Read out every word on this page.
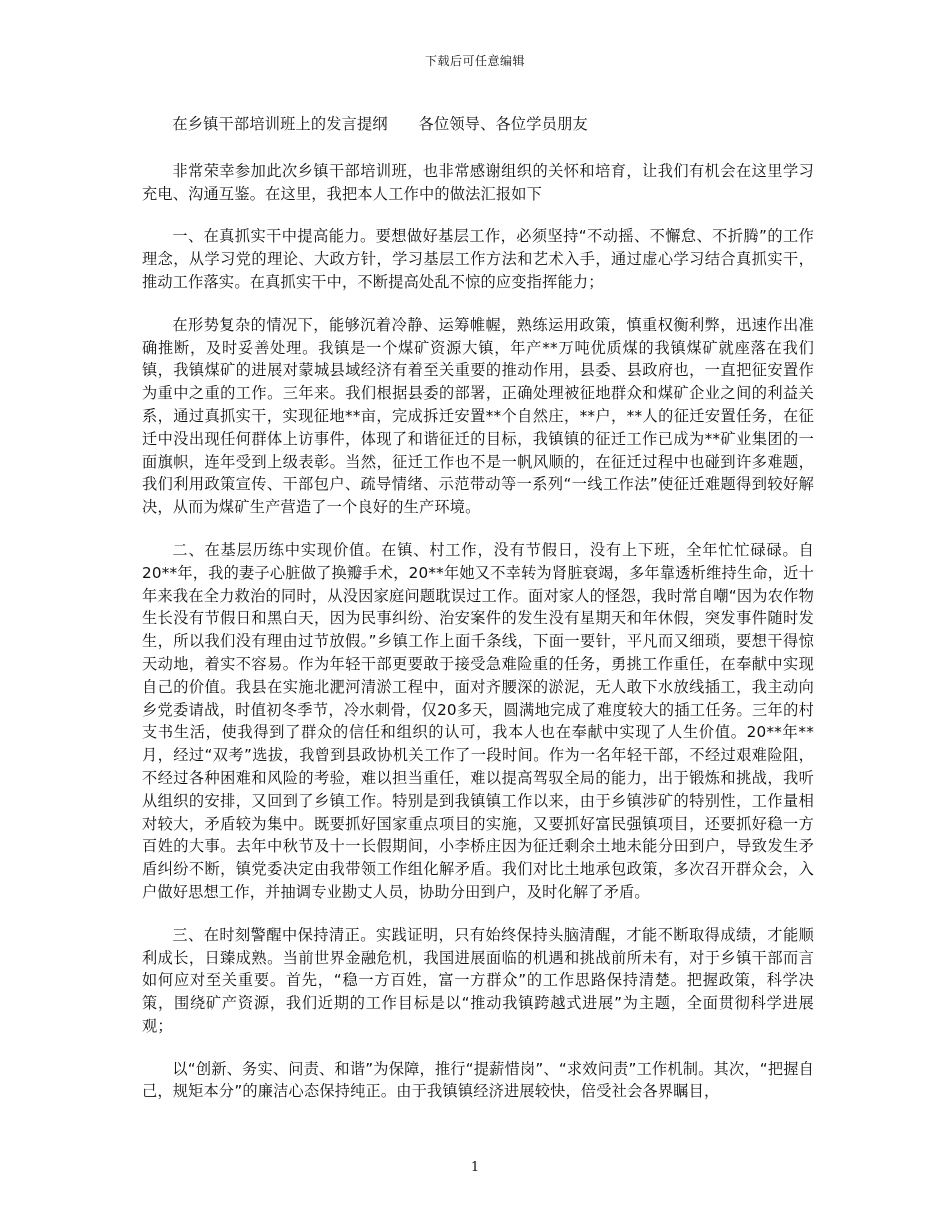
下载后可任意编辑

在乡镇干部培训班上的发言提纲　　各位领导、各位学员朋友

非常荣幸参加此次乡镇干部培训班，也非常感谢组织的关怀和培育，让我们有机会在这里学习充电、沟通互鉴。在这里，我把本人工作中的做法汇报如下

一、在真抓实干中提高能力。要想做好基层工作，必须坚持“不动摇、不懈怠、不折腾”的工作理念，从学习党的理论、大政方针，学习基层工作方法和艺术入手，通过虚心学习结合真抓实干，推动工作落实。在真抓实干中，不断提高处乱不惊的应变指挥能力；

在形势复杂的情况下，能够沉着冷静、运筹帷幄，熟练运用政策，慎重权衡利弊，迅速作出准确推断，及时妥善处理。我镇是一个煤矿资源大镇，年产**万吨优质煤的我镇煤矿就座落在我们镇，我镇煤矿的进展对蒙城县域经济有着至关重要的推动作用，县委、县政府也，一直把征安置作为重中之重的工作。三年来。我们根据县委的部署，正确处理被征地群众和煤矿企业之间的利益关系，通过真抓实干，实现征地**亩，完成拆迁安置**个自然庄，**户，**人的征迁安置任务，在征迁中没出现任何群体上访事件，体现了和谐征迁的目标，我镇镇的征迁工作已成为**矿业集团的一面旗帜，连年受到上级表彰。当然，征迁工作也不是一帆风顺的，在征迁过程中也碰到许多难题，我们利用政策宣传、干部包户、疏导情绪、示范带动等一系列“一线工作法”使征迁难题得到较好解决，从而为煤矿生产营造了一个良好的生产环境。

二、在基层历练中实现价值。在镇、村工作，没有节假日，没有上下班，全年忙忙碌碌。自20**年，我的妻子心脏做了换瓣手术，20**年她又不幸转为肾脏衰竭，多年靠透析维持生命，近十年来我在全力救治的同时，从没因家庭问题耽误过工作。面对家人的怪怨，我时常自嘲“因为农作物生长没有节假日和黑白天，因为民事纠纷、治安案件的发生没有星期天和年休假，突发事件随时发生，所以我们没有理由过节放假。”乡镇工作上面千条线，下面一要针，平凡而又细琐，要想干得惊天动地，着实不容易。作为年轻干部更要敢于接受急难险重的任务，勇挑工作重任，在奉献中实现自己的价值。我县在实施北淝河清淤工程中，面对齐腰深的淤泥，无人敢下水放线插工，我主动向乡党委请战，时值初冬季节，冷水刺骨，仅20多天，圆满地完成了难度较大的插工任务。三年的村支书生活，使我得到了群众的信任和组织的认可，我本人也在奉献中实现了人生价值。20**年**月，经过“双考”选拔，我曾到县政协机关工作了一段时间。作为一名年轻干部，不经过艰难险阻，不经过各种困难和风险的考验，难以担当重任，难以提高驾驭全局的能力，出于锻炼和挑战，我听从组织的安排，又回到了乡镇工作。特别是到我镇镇工作以来，由于乡镇涉矿的特别性，工作量相对较大，矛盾较为集中。既要抓好国家重点项目的实施，又要抓好富民强镇项目，还要抓好稳一方百姓的大事。去年中秋节及十一长假期间，小李桥庄因为征迁剩余土地未能分田到户，导致发生矛盾纠纷不断，镇党委决定由我带领工作组化解矛盾。我们对比土地承包政策，多次召开群众会，入户做好思想工作，并抽调专业勘丈人员，协助分田到户，及时化解了矛盾。

三、在时刻警醒中保持清正。实践证明，只有始终保持头脑清醒，才能不断取得成绩，才能顺利成长，日臻成熟。当前世界金融危机，我国进展面临的机遇和挑战前所未有，对于乡镇干部而言如何应对至关重要。首先，“稳一方百姓，富一方群众”的工作思路保持清楚。把握政策，科学决策，围绕矿产资源，我们近期的工作目标是以“推动我镇跨越式进展”为主题，全面贯彻科学进展观；

以“创新、务实、问责、和谐”为保障，推行“提薪惜岗”、“求效问责”工作机制。其次，“把握自己，规矩本分”的廉洁心态保持纯正。由于我镇镇经济进展较快，倍受社会各界瞩目，

1
